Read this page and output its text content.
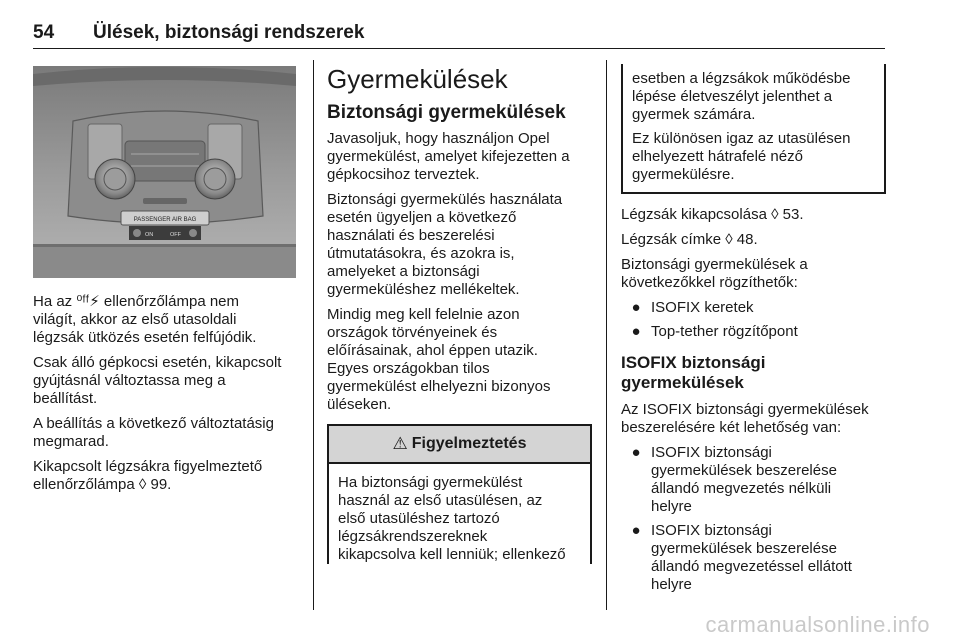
54 Ülések, biztonsági rendszerek
PASSENGER AIR BAG
ON	OFF

Ha az ⁰ᶠᶠ⚡ ellenőrzőlámpa nem
világít, akkor az első utasoldali
légzsák ütközés esetén felfújódik.

Csak álló gépkocsi esetén, kikapcsolt
gyújtásnál változtassa meg a
beállítást.

A beállítás a következő változtatásig
megmarad.

Kikapcsolt légzsákra figyelmeztető
ellenőrzőlámpa ◊ 99.

Gyermekülések
Biztonsági gyermekülések

Javasoljuk, hogy használjon Opel
gyermekülést, amelyet kifejezetten a
gépkocsihoz terveztek.

Biztonsági gyermekülés használata
esetén ügyeljen a következő
használati és beszerelési
útmutatásokra, és azokra is,
amelyeket a biztonsági
gyermeküléshez mellékeltek.

Mindig meg kell felelnie azon
országok törvényeinek és
előírásainak, ahol éppen utazik.
Egyes országokban tilos
gyermekülést elhelyezni bizonyos
üléseken.

⚠ Figyelmeztetés
Ha biztonsági gyermekülést
használ az első utasülésen, az
első utasüléshez tartozó
légzsákrendszereknek
kikapcsolva kell lenniük; ellenkező

esetben a légzsákok működésbe
lépése életveszélyt jelenthet a
gyermek számára.

Ez különösen igaz az utasülésen
elhelyezett hátrafelé néző
gyermekülésre.

Légzsák kikapcsolása ◊ 53.

Légzsák címke ◊ 48.

Biztonsági gyermekülések a
következőkkel rögzíthetők:

● ISOFIX keretek
● Top-tether rögzítőpont
ISOFIX biztonsági
gyermekülések

Az ISOFIX biztonsági gyermekülések
beszerelésére két lehetőség van:

● ISOFIX biztonsági
gyermekülések beszerelése
állandó megvezetés nélküli
helyre
● ISOFIX biztonsági
gyermekülések beszerelése
állandó megvezetéssel ellátott
helyre
carmanualsonline.info
